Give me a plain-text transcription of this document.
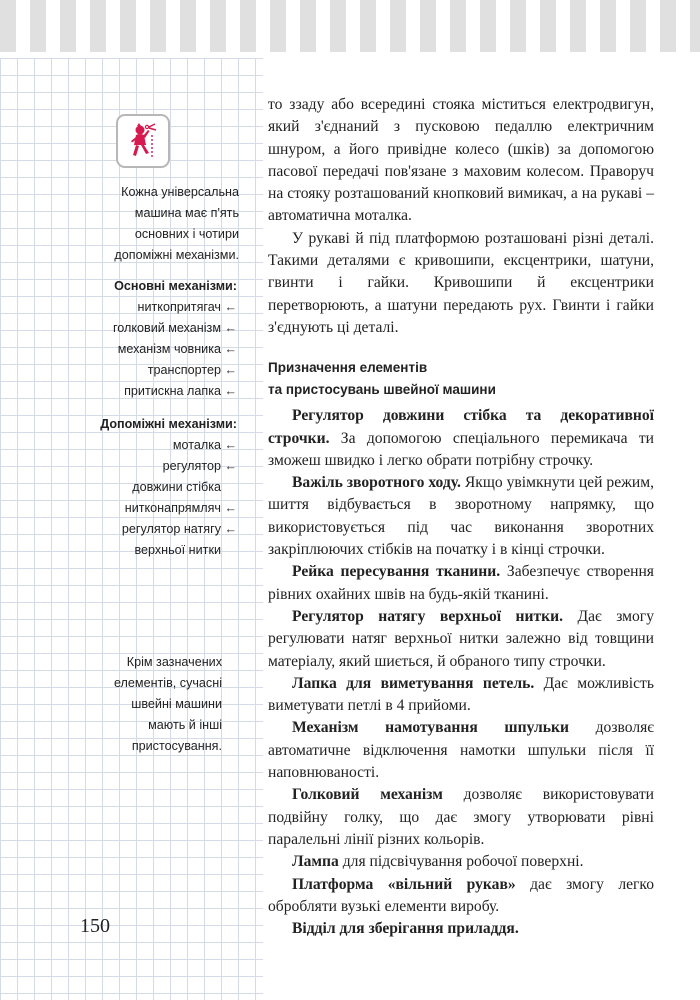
Кожна універсальна
машина має п'ять
основних і чотири
допоміжні механізми.
Основні механізми:
ниткопритягач ←
голковий механізм ←
механізм човника ←
транспортер ←
притискна лапка ←
Допоміжні механізми:
моталка ←
регулятор ←
довжини стібка
нитконапрямляч ←
регулятор натягу ←
верхньої нитки
Крім зазначених
елементів, сучасні
швейні машини
мають й інші
пристосування.
150

то ззаду або всередині стояка міститься електродвигун, який з'єднаний з пусковою педаллю електричним шнуром, а його привідне колесо (шків) за допомогою пасової передачі пов'язане з маховим колесом. Праворуч на стояку розташований кнопковий вимикач, а на рукаві – автоматична моталка.

У рукаві й під платформою розташовані різні деталі. Такими деталями є кривошипи, ексцентрики, шатуни, гвинти і гайки. Кривошипи й ексцентрики перетворюють, а шатуни передають рух. Гвинти і гайки з'єднують ці деталі.

Призначення елементів
та пристосувань швейної машини

Регулятор довжини стібка та декоративної строчки. За допомогою спеціального перемикача ти зможеш швидко і легко обрати потрібну строчку.

Важіль зворотного ходу. Якщо увімкнути цей режим, шиття відбувається в зворотному напрямку, що використовується під час виконання зворотних закріплюючих стібків на початку і в кінці строчки.

Рейка пересування тканини. Забезпечує створення рівних охайних швів на будь-якій тканині.

Регулятор натягу верхньої нитки. Дає змогу регулювати натяг верхньої нитки залежно від товщини матеріалу, який шиється, й обраного типу строчки.

Лапка для виметування петель. Дає можливість виметувати петлі в 4 прийоми.

Механізм намотування шпульки дозволяє автоматичне відключення намотки шпульки після її наповнюваності.

Голковий механізм дозволяє використовувати подвійну голку, що дає змогу утворювати рівні паралельні лінії різних кольорів.

Лампа для підсвічування робочої поверхні.

Платформа «вільний рукав» дає змогу легко обробляти вузькі елементи виробу.

Відділ для зберігання приладдя.
